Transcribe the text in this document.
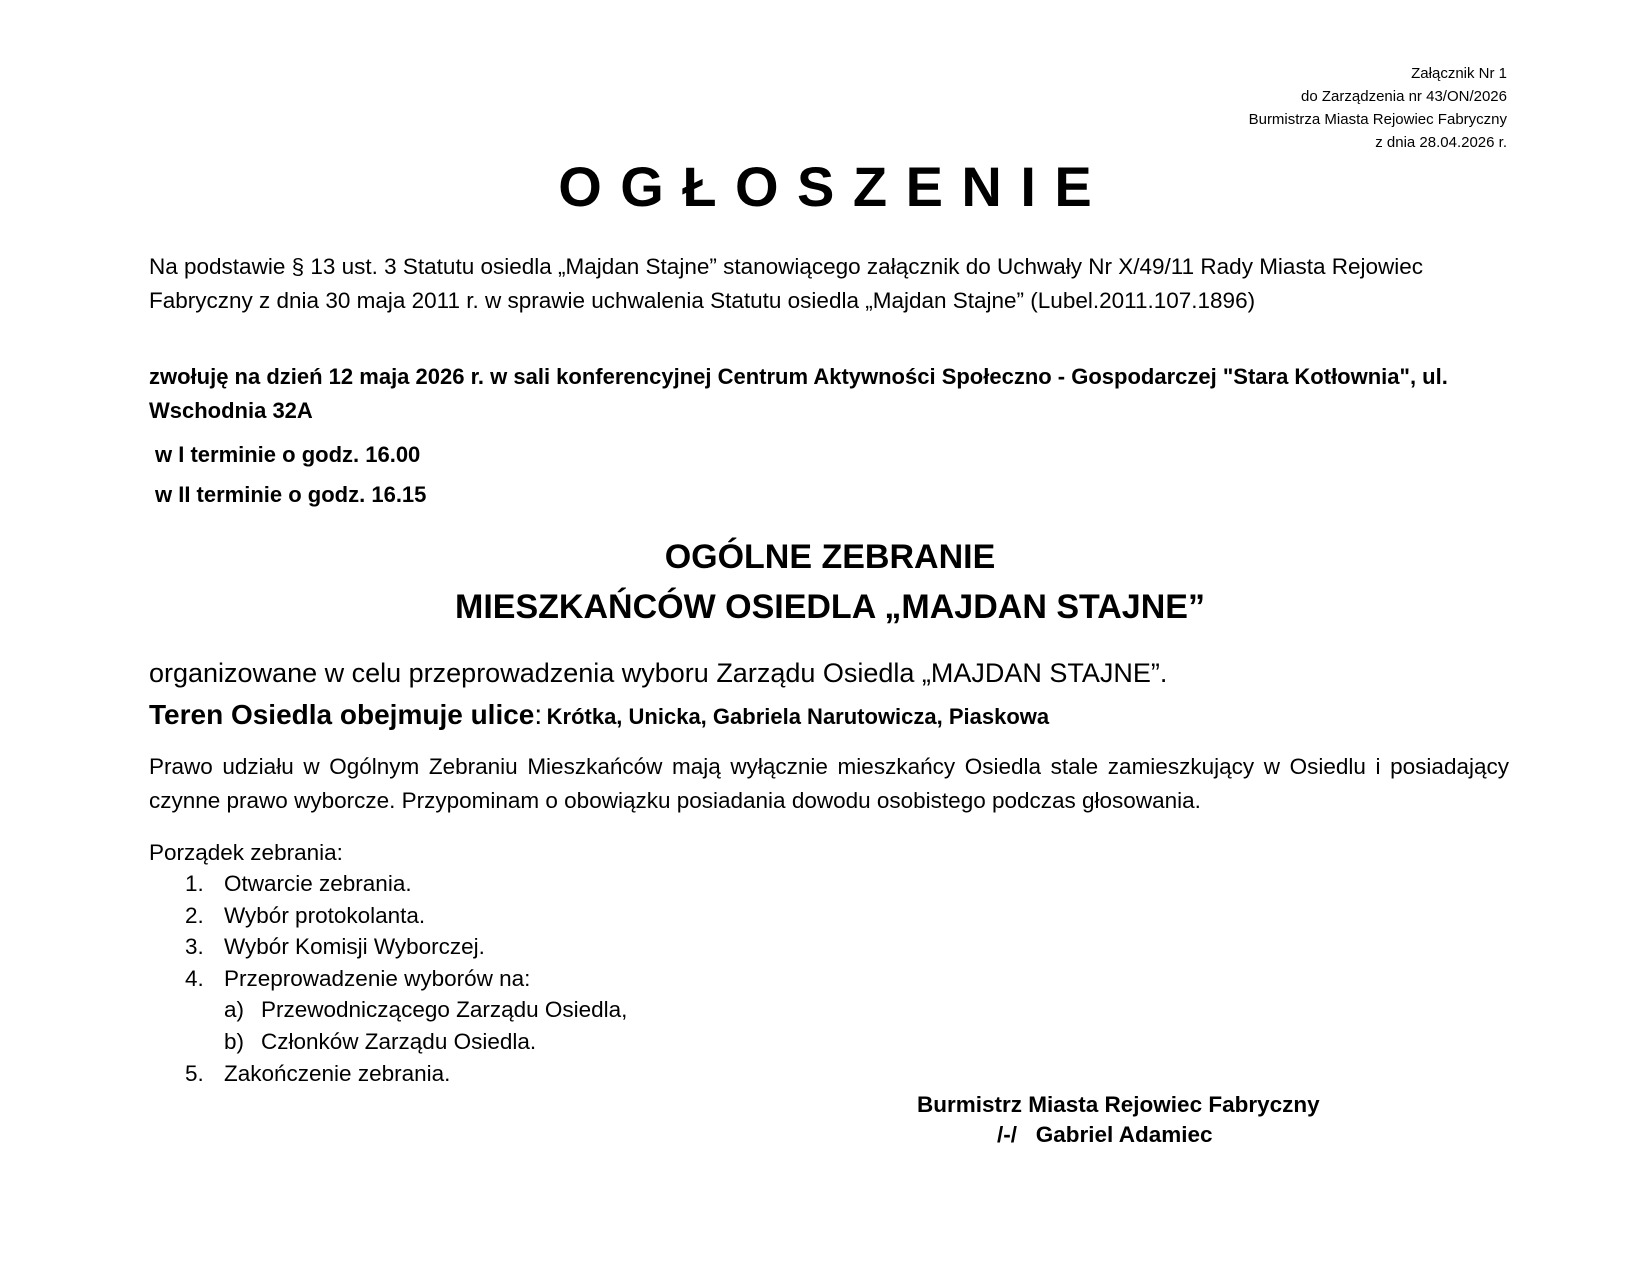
Załącznik Nr 1
do Zarządzenia nr 43/ON/2026
Burmistrza Miasta Rejowiec Fabryczny
z dnia 28.04.2026 r.
OGŁOSZENIE
Na podstawie § 13 ust. 3 Statutu osiedla „Majdan Stajne” stanowiącego załącznik do Uchwały Nr X/49/11 Rady Miasta Rejowiec Fabryczny z dnia 30 maja 2011 r. w sprawie uchwalenia Statutu osiedla „Majdan Stajne” (Lubel.2011.107.1896)
zwołuję na dzień 12 maja 2026 r. w sali konferencyjnej Centrum Aktywności Społeczno - Gospodarczej "Stara Kotłownia", ul. Wschodnia 32A
w I terminie o godz. 16.00
w II terminie o godz. 16.15
OGÓLNE ZEBRANIE
MIESZKAŃCÓW OSIEDLA „MAJDAN STAJNE”
organizowane w celu przeprowadzenia wyboru Zarządu Osiedla „MAJDAN STAJNE”.
Teren Osiedla obejmuje ulice: Krótka, Unicka, Gabriela Narutowicza, Piaskowa
Prawo udziału w Ogólnym Zebraniu Mieszkańców mają wyłącznie mieszkańcy Osiedla stale zamieszkujący w Osiedlu i posiadający czynne prawo wyborcze. Przypominam o obowiązku posiadania dowodu osobistego podczas głosowania.
Porządek zebrania:
1. Otwarcie zebrania.
2. Wybór protokolanta.
3. Wybór Komisji Wyborczej.
4. Przeprowadzenie wyborów na:
a) Przewodniczącego Zarządu Osiedla,
b) Członków Zarządu Osiedla.
5. Zakończenie zebrania.
Burmistrz Miasta Rejowiec Fabryczny
/-/   Gabriel Adamiec
